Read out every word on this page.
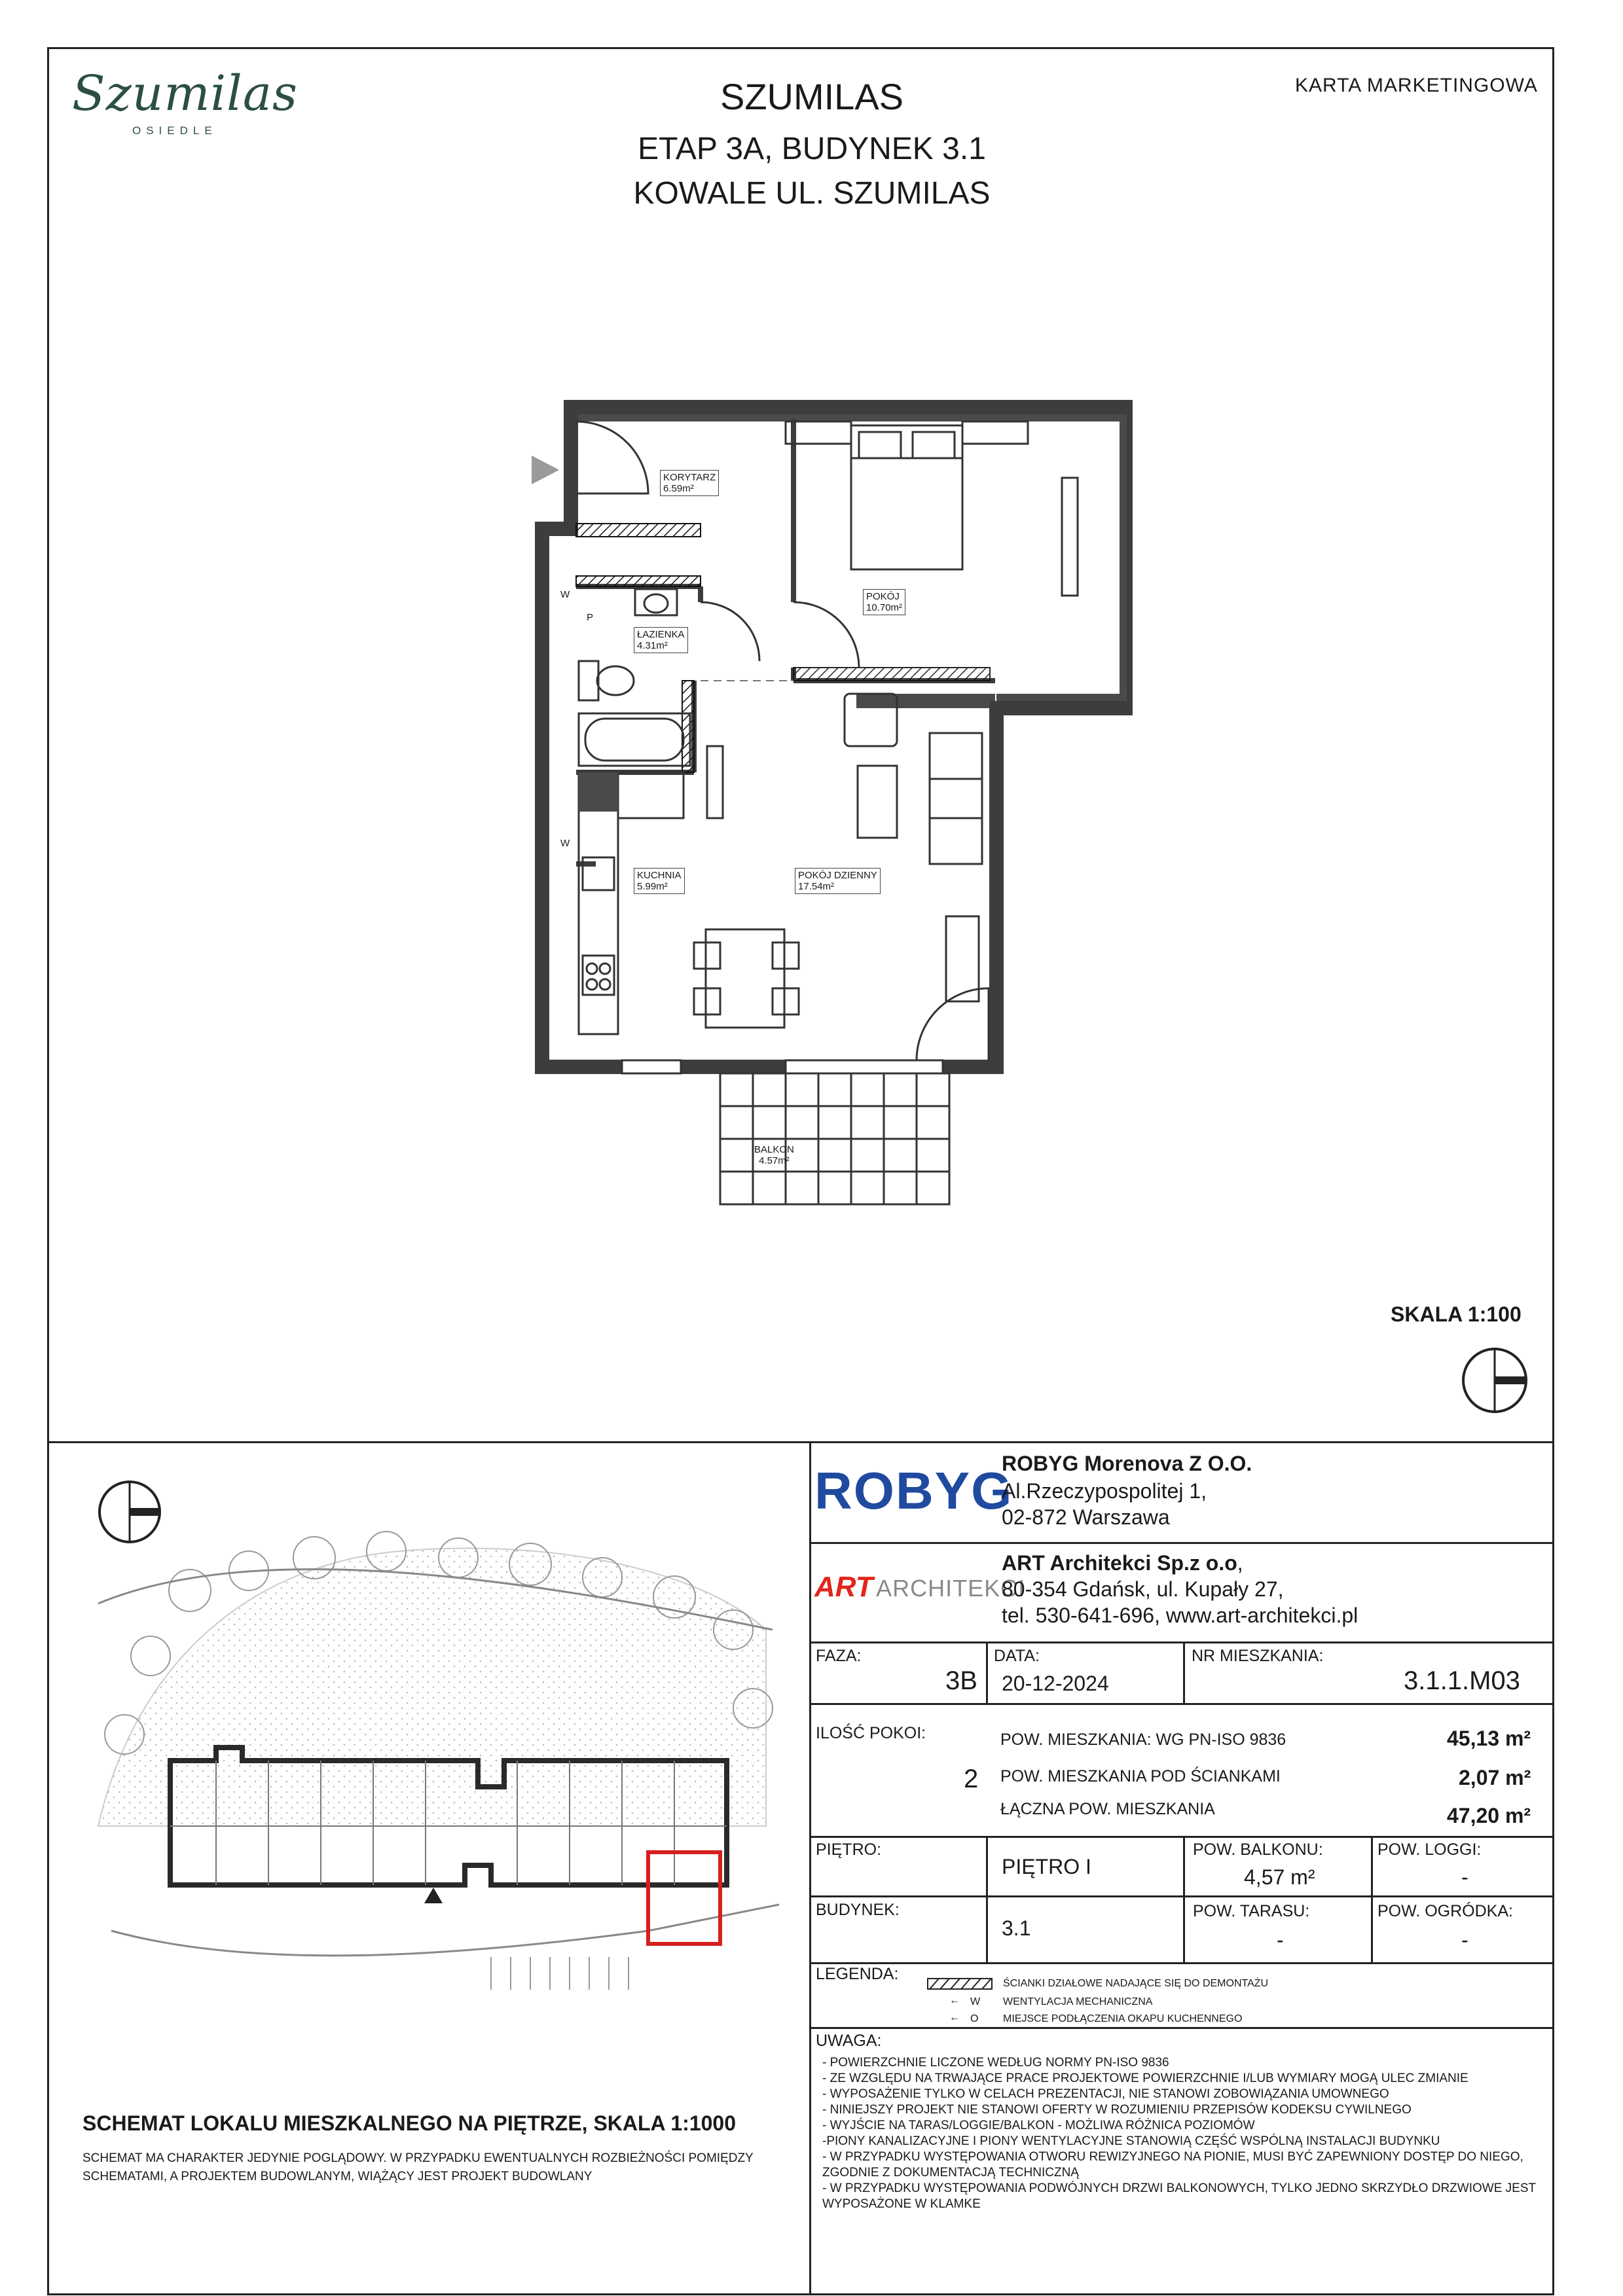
Szumilas
OSIEDLE
SZUMILAS
ETAP 3A, BUDYNEK 3.1
KOWALE UL. SZUMILAS
KARTA MARKETINGOWA
KORYTARZ
6.59m²
POKÓJ
10.70m²
ŁAZIENKA
4.31m²
KUCHNIA
5.99m²
POKÓJ DZIENNY
17.54m²
BALKON
4.57m²
W
P
W
SKALA 1:100
SCHEMAT LOKALU MIESZKALNEGO NA PIĘTRZE, SKALA 1:1000
SCHEMAT MA CHARAKTER JEDYNIE POGLĄDOWY. W PRZYPADKU EWENTUALNYCH ROZBIEŻNOŚCI POMIĘDZY
SCHEMATAMI, A PROJEKTEM BUDOWLANYM, WIĄŻĄCY JEST PROJEKT BUDOWLANY
ROBYG
ROBYG Morenova Z O.O.
Al.Rzeczypospolitej 1,
02-872 Warszawa
ART ARCHITEKCI
ART Architekci Sp.z o.o,
80-354 Gdańsk, ul. Kupały 27,
tel. 530-641-696, www.art-architekci.pl
FAZA:
3B
DATA:
20-12-2024
NR MIESZKANIA:
3.1.1.M03
ILOŚĆ POKOI:
2
POW. MIESZKANIA: WG PN-ISO 9836	45,13 m²
POW. MIESZKANIA POD ŚCIANKAMI	2,07 m²
ŁĄCZNA POW. MIESZKANIA	47,20 m²
PIĘTRO:
PIĘTRO I
POW. BALKONU:
4,57 m²
POW. LOGGI:
-
BUDYNEK:
3.1
POW. TARASU:
-
POW. OGRÓDKA:
-
LEGENDA:
ŚCIANKI DZIAŁOWE NADAJĄCE SIĘ DO DEMONTAŻU
← W WENTYLACJA MECHANICZNA
← O MIEJSCE PODŁĄCZENIA OKAPU KUCHENNEGO
UWAGA:
- POWIERZCHNIE LICZONE WEDŁUG NORMY PN-ISO 9836
- ZE WZGLĘDU NA TRWAJĄCE PRACE PROJEKTOWE POWIERZCHNIE I/LUB WYMIARY MOGĄ ULEC ZMIANIE
- WYPOSAŻENIE TYLKO W CELACH PREZENTACJI, NIE STANOWI ZOBOWIĄZANIA UMOWNEGO
- NINIEJSZY PROJEKT NIE STANOWI OFERTY W ROZUMIENIU PRZEPISÓW KODEKSU CYWILNEGO
- WYJŚCIE NA TARAS/LOGGIE/BALKON - MOŻLIWA RÓŻNICA POZIOMÓW
-PIONY KANALIZACYJNE I PIONY WENTYLACYJNE STANOWIĄ CZĘŚĆ WSPÓLNĄ INSTALACJI BUDYNKU
- W PRZYPADKU WYSTĘPOWANIA OTWORU REWIZYJNEGO NA PIONIE, MUSI BYĆ ZAPEWNIONY DOSTĘP DO NIEGO,
ZGODNIE Z DOKUMENTACJĄ TECHNICZNĄ
- W PRZYPADKU WYSTĘPOWANIA PODWÓJNYCH DRZWI BALKONOWYCH, TYLKO JEDNO SKRZYDŁO DRZWIOWE JEST
WYPOSAŻONE W KLAMKE
